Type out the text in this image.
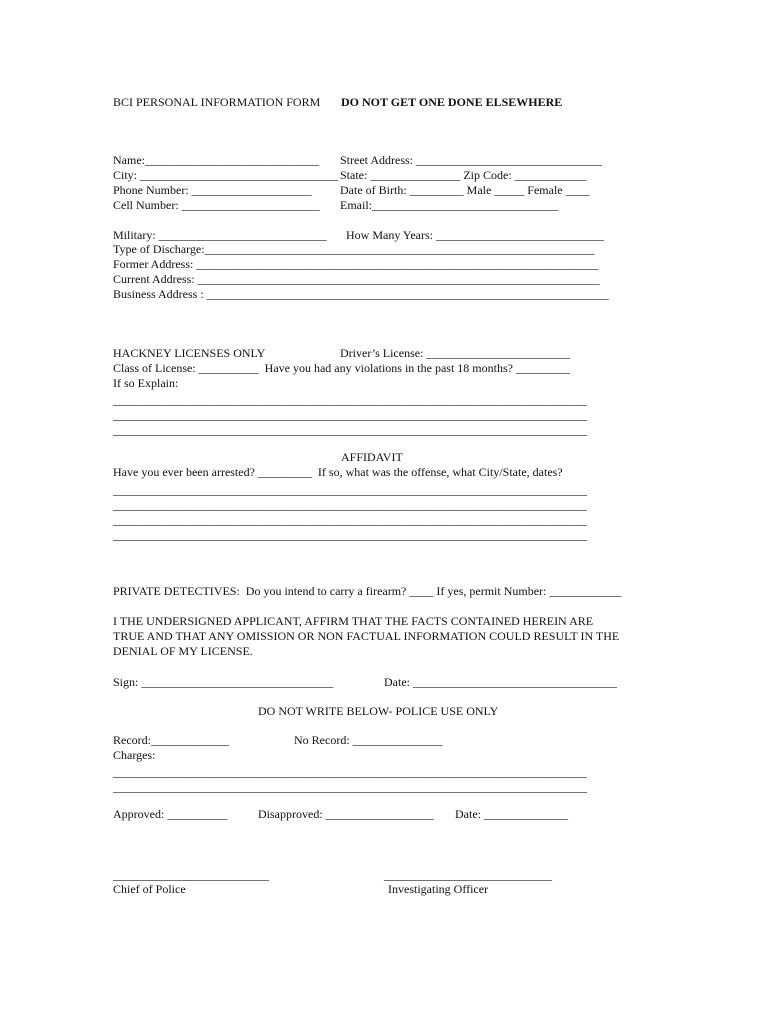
BCI PERSONAL INFORMATION FORM DO NOT GET ONE DONE ELSEWHERE
Name:_____________________________ Street Address: _______________________________
City: _________________________________ State: _______________ Zip Code: ____________
Phone Number: ____________________ Date of Birth: _________ Male _____ Female ____
Cell Number: _______________________ Email:_______________________________
Military: ____________________________ How Many Years: ____________________________
Type of Discharge:_________________________________________________________________
Former Address: ___________________________________________________________________
Current Address: ___________________________________________________________________
Business Address : ___________________________________________________________________
HACKNEY LICENSES ONLY	Driver’s License: ________________________
Class of License: __________  Have you had any violations in the past 18 months? _________
If so Explain:
_______________________________________________________________________________
_______________________________________________________________________________
_______________________________________________________________________________
AFFIDAVIT
Have you ever been arrested? _________  If so, what was the offense, what City/State, dates?
_______________________________________________________________________________
_______________________________________________________________________________
_______________________________________________________________________________
_______________________________________________________________________________
PRIVATE DETECTIVES:  Do you intend to carry a firearm? ____ If yes, permit Number: ____________
I THE UNDERSIGNED APPLICANT, AFFIRM THAT THE FACTS CONTAINED HEREIN ARE
TRUE AND THAT ANY OMISSION OR NON FACTUAL INFORMATION COULD RESULT IN THE
DENIAL OF MY LICENSE.
Sign: ________________________________	Date: __________________________________
DO NOT WRITE BELOW- POLICE USE ONLY
Record:_____________	No Record: _______________
Charges:
_______________________________________________________________________________
_______________________________________________________________________________
Approved: __________	Disapproved: __________________ Date: ______________
__________________________	____________________________
Chief of Police	Investigating Officer
